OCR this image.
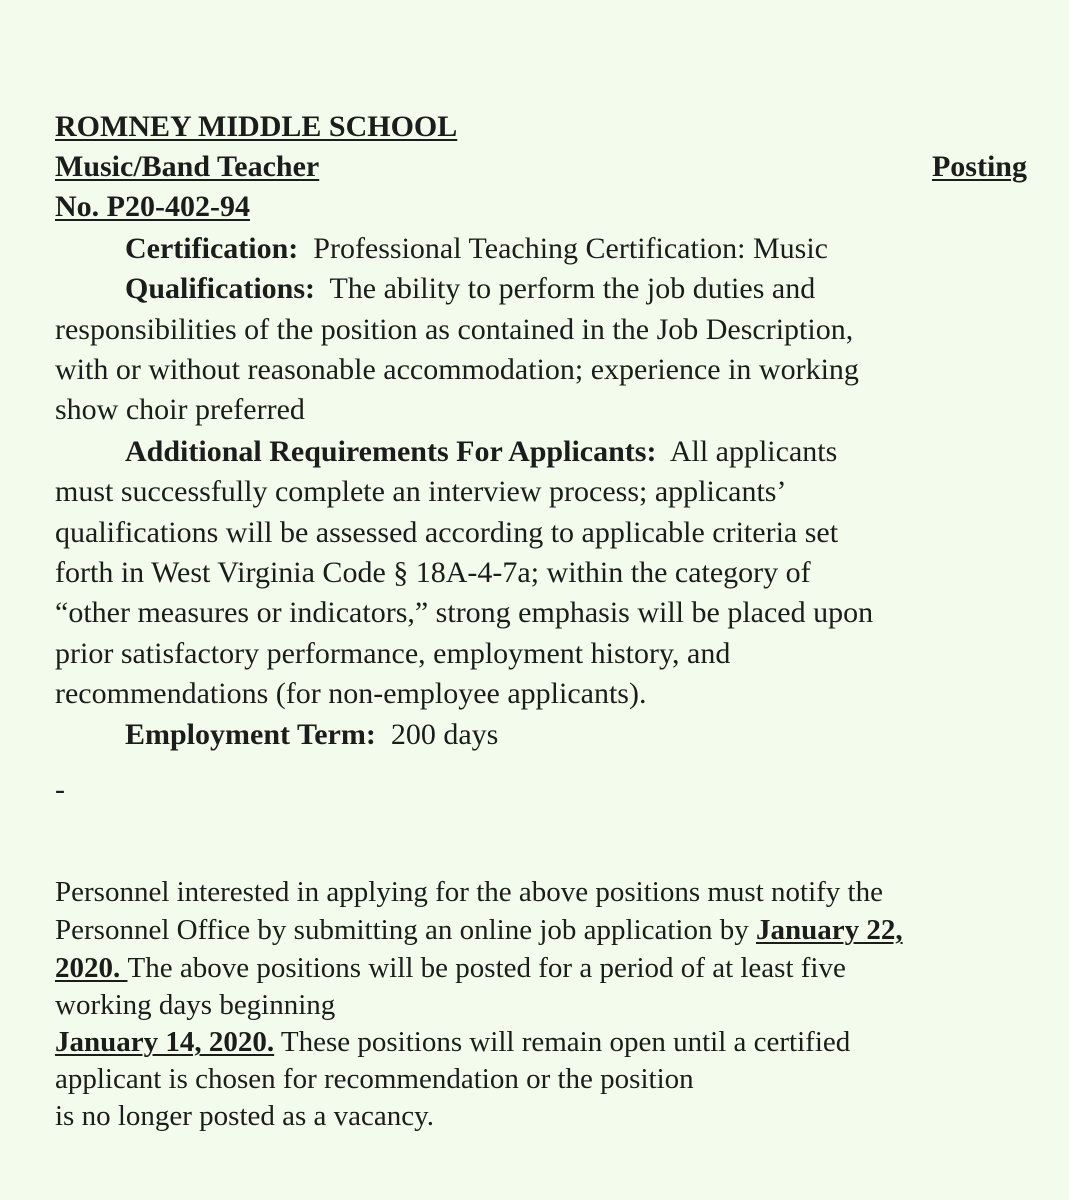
ROMNEY MIDDLE SCHOOL
Music/Band Teacher	Posting
No. P20-402-94
Certification: Professional Teaching Certification: Music
Qualifications: The ability to perform the job duties and
responsibilities of the position as contained in the Job Description,
with or without reasonable accommodation; experience in working
show choir preferred
Additional Requirements For Applicants: All applicants
must successfully complete an interview process; applicants’
qualifications will be assessed according to applicable criteria set
forth in West Virginia Code § 18A-4-7a; within the category of
“other measures or indicators,” strong emphasis will be placed upon
prior satisfactory performance, employment history, and
recommendations (for non-employee applicants).
Employment Term: 200 days
-
Personnel interested in applying for the above positions must notify the
Personnel Office by submitting an online job application by January 22,
2020. The above positions will be posted for a period of at least five
working days beginning
January 14, 2020. These positions will remain open until a certified
applicant is chosen for recommendation or the position
is no longer posted as a vacancy.
